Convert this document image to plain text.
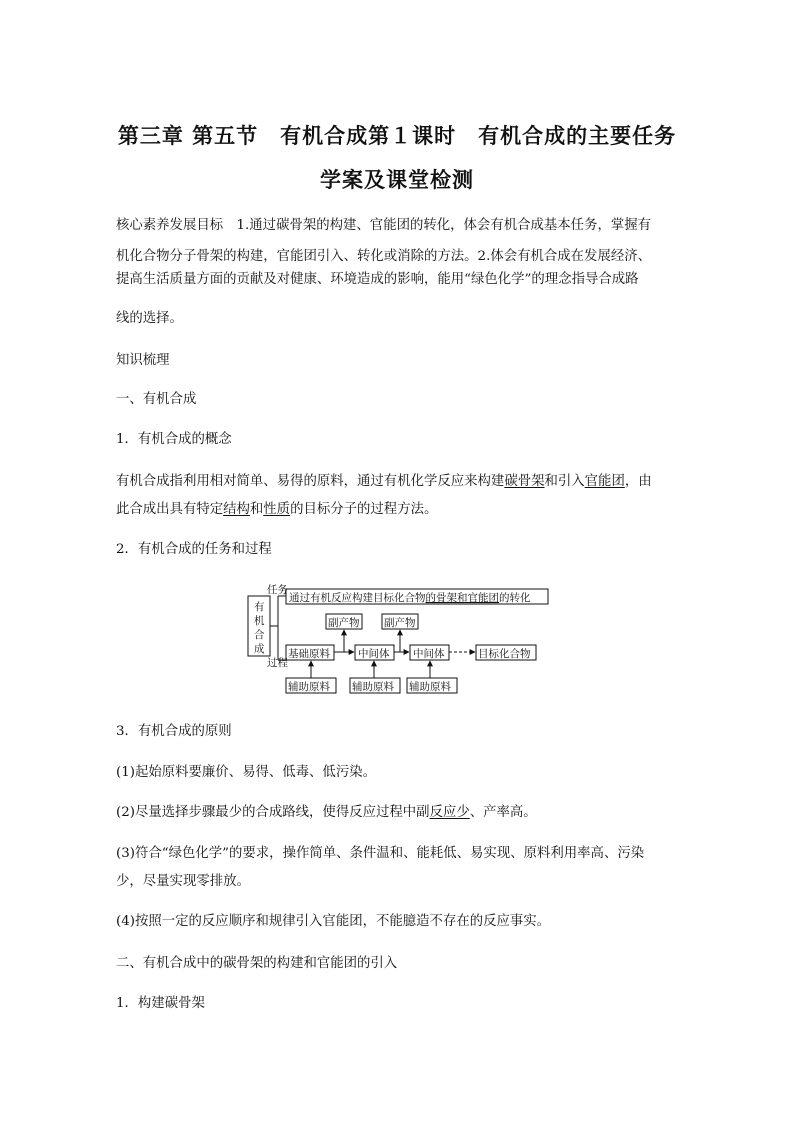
第三章 第五节　有机合成第１课时　有机合成的主要任务
学案及课堂检测

核心素养发展目标　1.通过碳骨架的构建、官能团的转化，体会有机合成基本任务，掌握有

机化合物分子骨架的构建，官能团引入、转化或消除的方法。2.体会有机合成在发展经济、

提高生活质量方面的贡献及对健康、环境造成的影响，能用“绿色化学”的理念指导合成路

线的选择。

知识梳理

一、有机合成

1．有机合成的概念

有机合成指利用相对简单、易得的原料，通过有机化学反应来构建碳骨架和引入官能团，由

此合成出具有特定结构和性质的目标分子的过程方法。

2．有机合成的任务和过程

有
机
合
成
任务
过程
通过有机反应构建目标化合物的骨架和官能团的转化
基础原料	中间体 中间体	目标化合物
副产物 副产物
辅助原料 辅助原料 辅助原料

3．有机合成的原则

(1)起始原料要廉价、易得、低毒、低污染。

(2)尽量选择步骤最少的合成路线，使得反应过程中副反应少、产率高。

(3)符合“绿色化学”的要求，操作简单、条件温和、能耗低、易实现、原料利用率高、污染

少，尽量实现零排放。

(4)按照一定的反应顺序和规律引入官能团，不能臆造不存在的反应事实。

二、有机合成中的碳骨架的构建和官能团的引入

1．构建碳骨架
